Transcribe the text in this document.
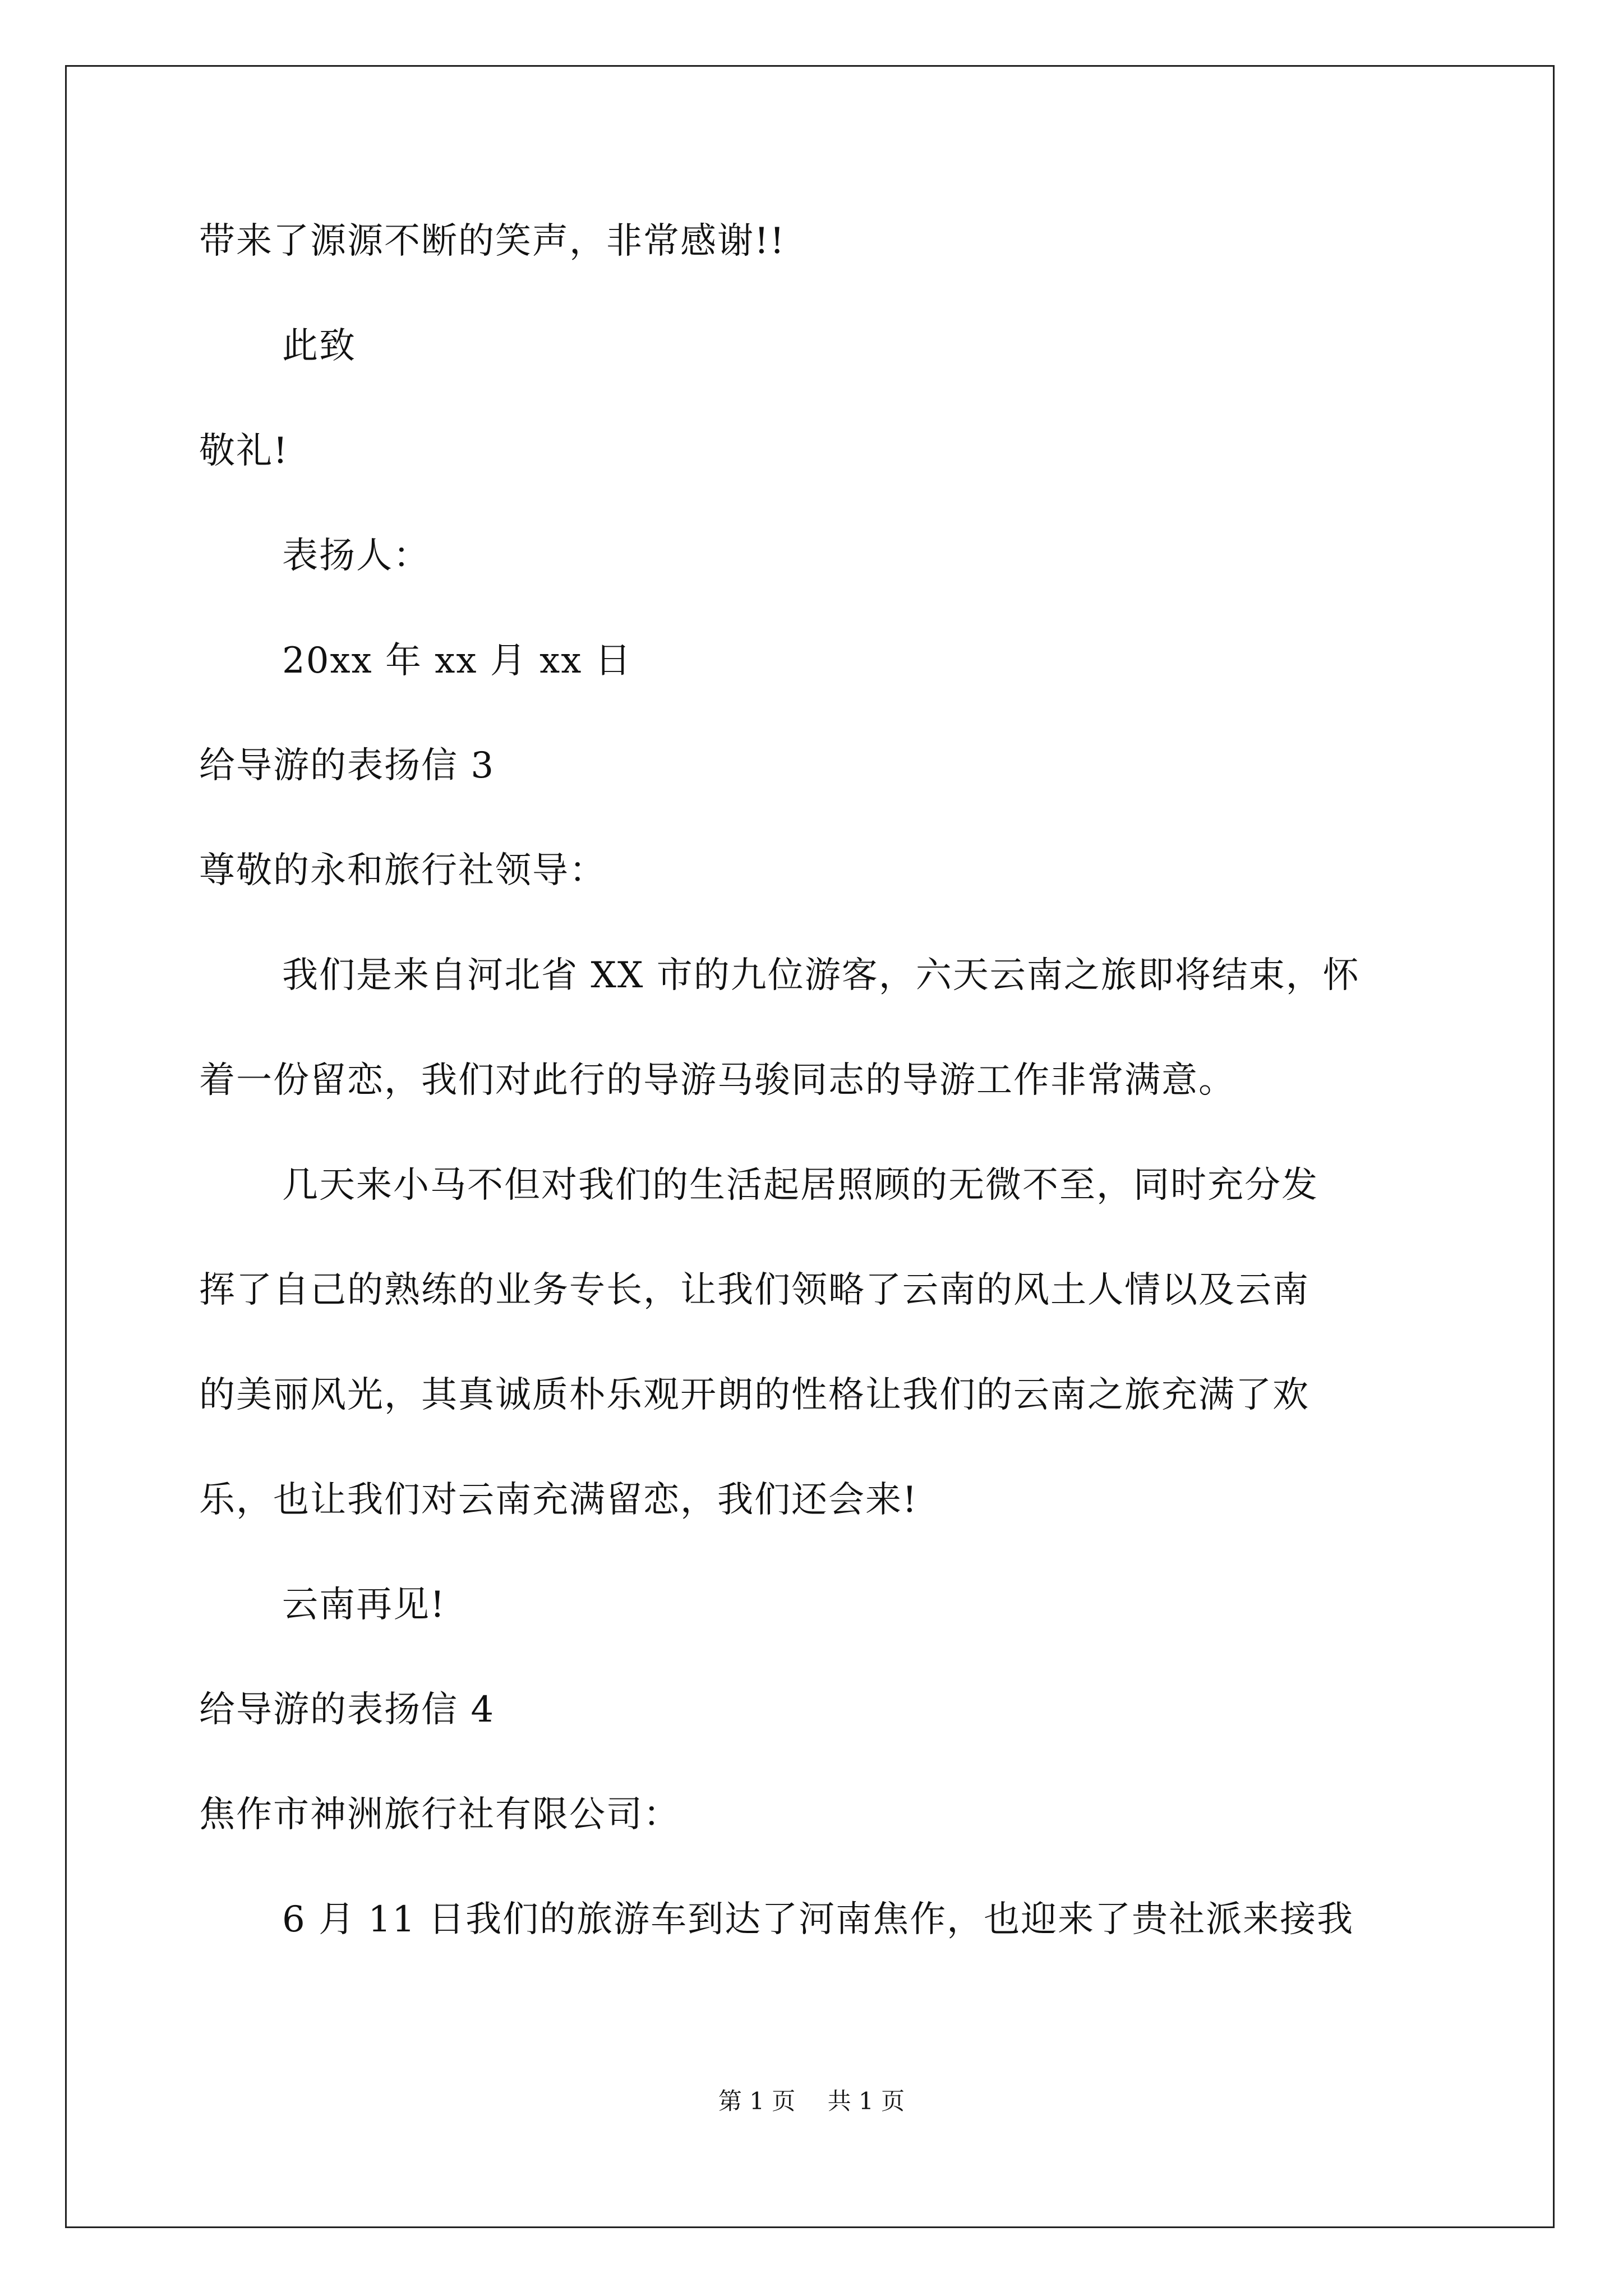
带来了源源不断的笑声，非常感谢!!
此致
敬礼!
表扬人：
20xx 年 xx 月 xx 日
给导游的表扬信 3
尊敬的永和旅行社领导：
我们是来自河北省 XX 市的九位游客，六天云南之旅即将结束，怀
着一份留恋，我们对此行的导游马骏同志的导游工作非常满意。
几天来小马不但对我们的生活起居照顾的无微不至，同时充分发
挥了自己的熟练的业务专长，让我们领略了云南的风土人情以及云南
的美丽风光，其真诚质朴乐观开朗的性格让我们的云南之旅充满了欢
乐，也让我们对云南充满留恋，我们还会来!
云南再见!
给导游的表扬信 4
焦作市神洲旅行社有限公司：
6 月 11 日我们的旅游车到达了河南焦作，也迎来了贵社派来接我
第 1 页 共 1 页
